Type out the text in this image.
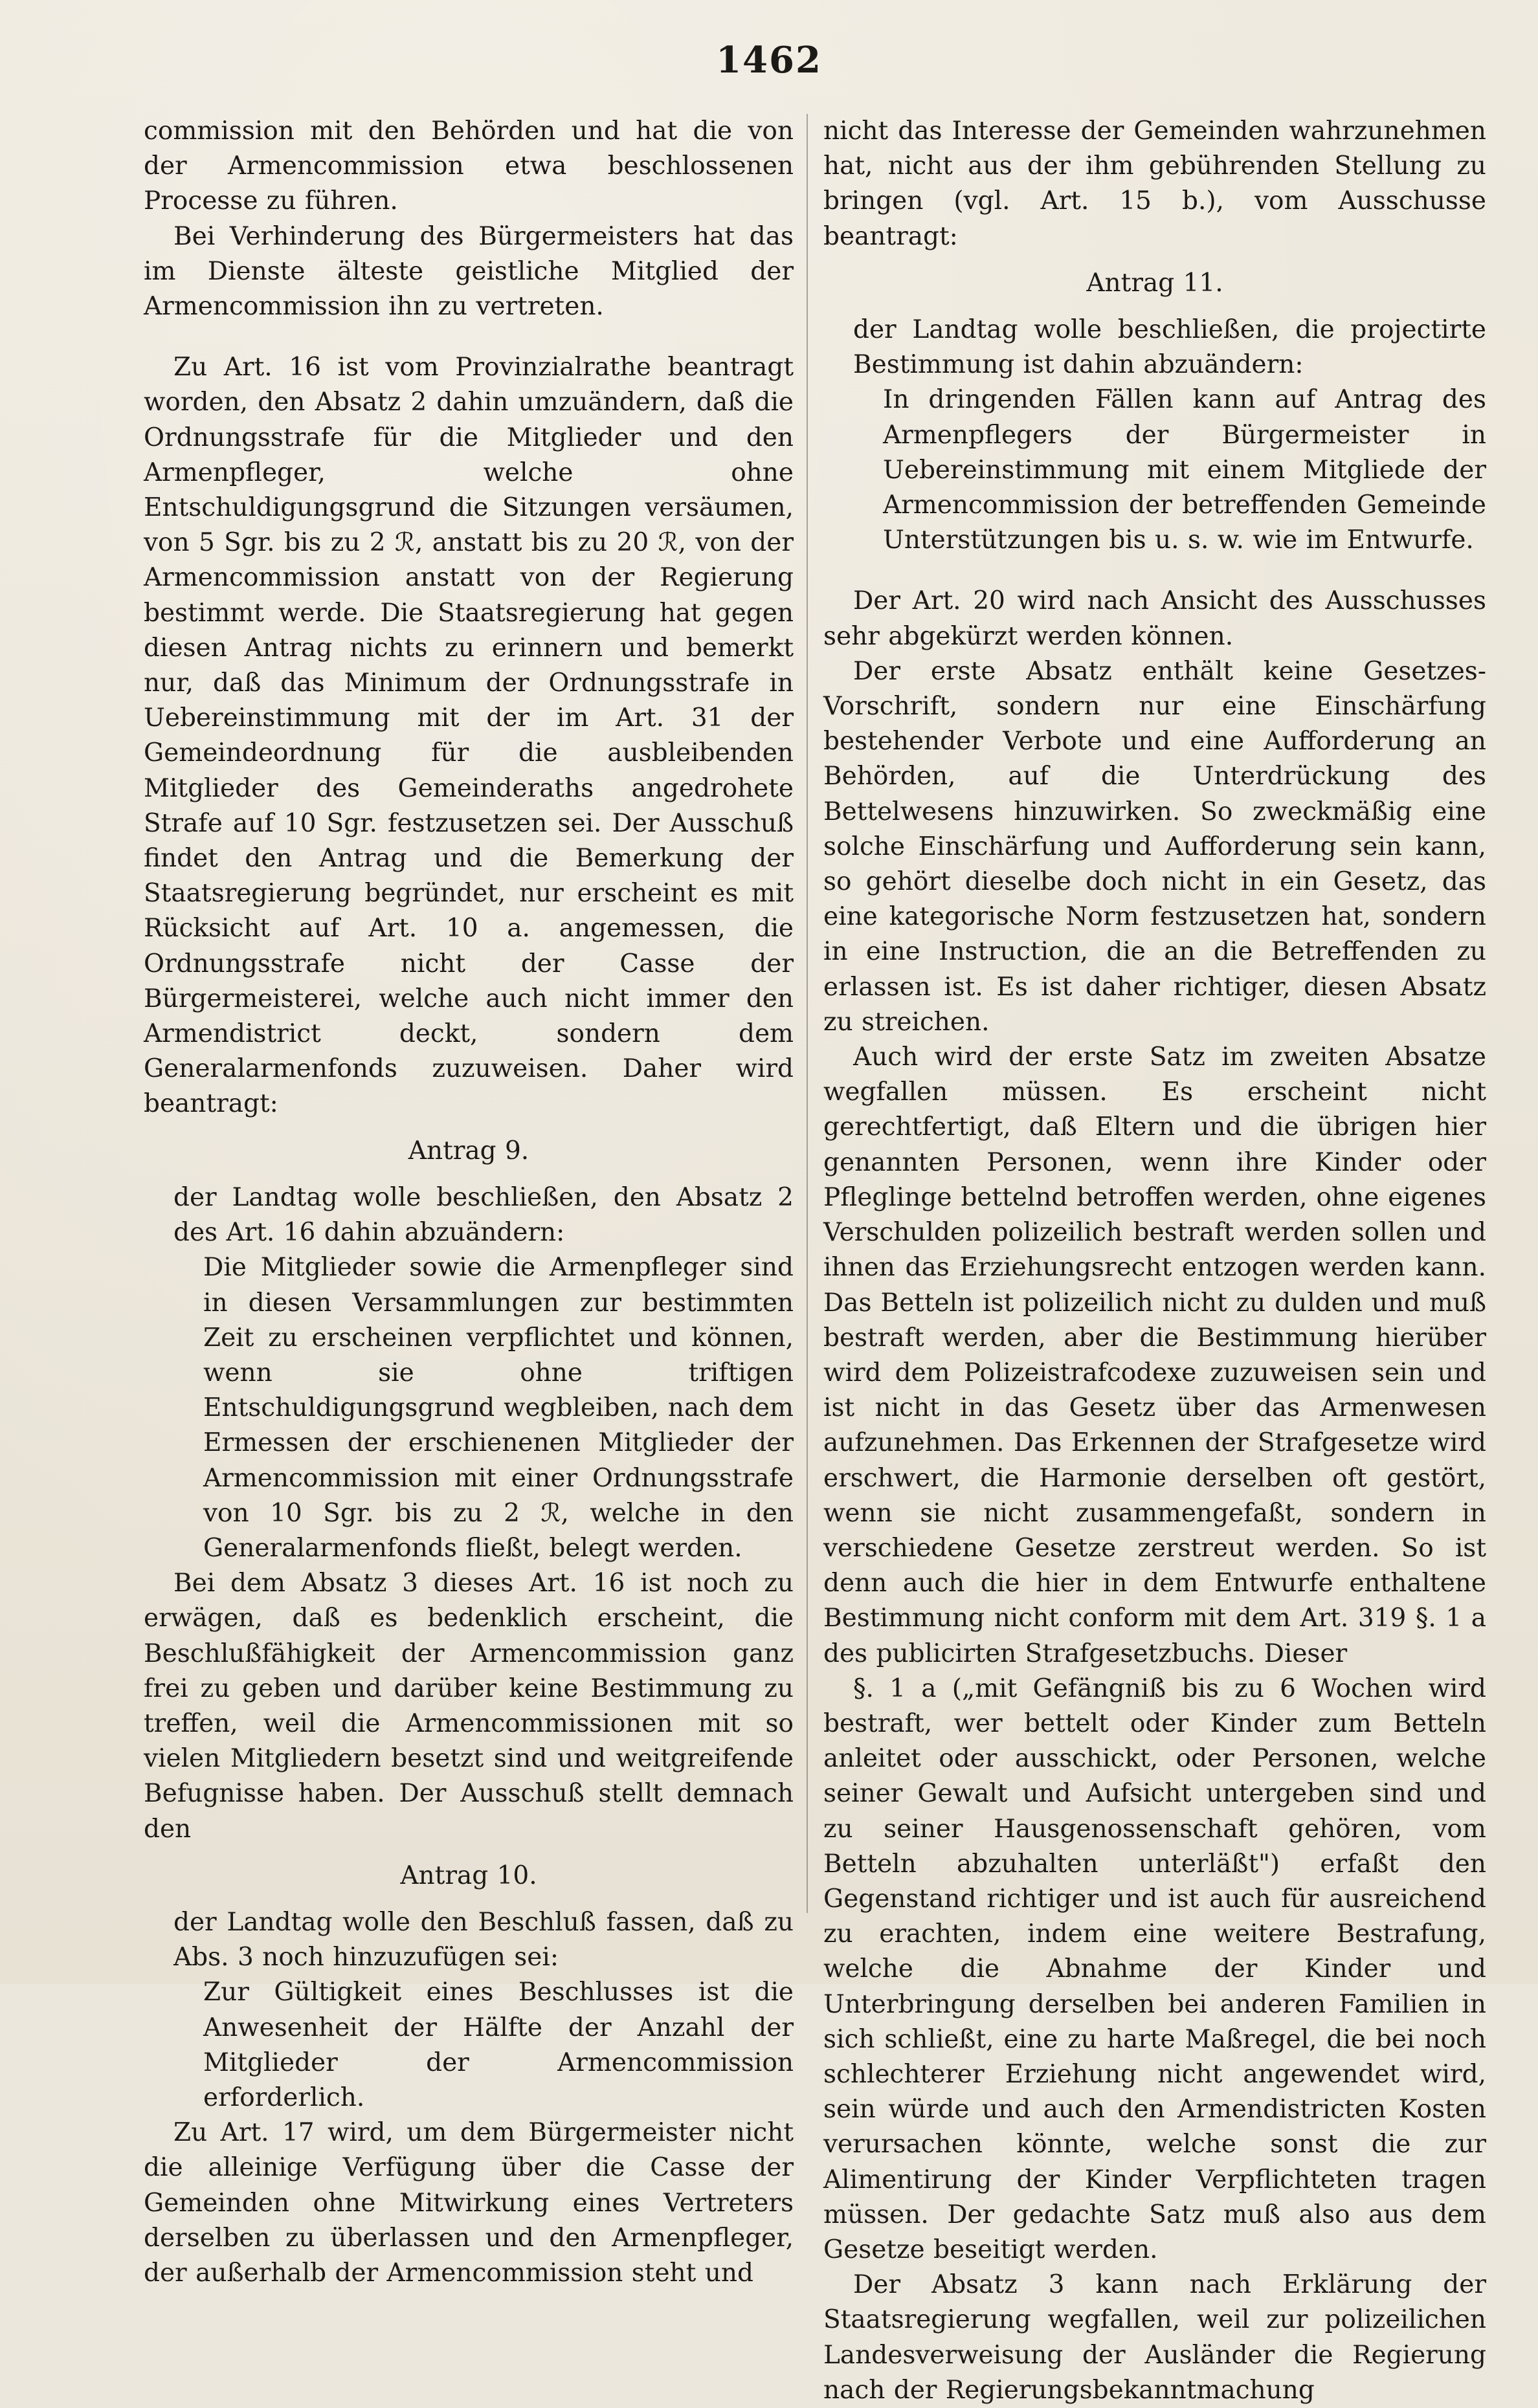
1462

commission mit den Behörden und hat die von der Armencommission etwa beschlossenen Processe zu führen.

Bei Verhinderung des Bürgermeisters hat das im Dienste älteste geistliche Mitglied der Armencommission ihn zu vertreten.

Zu Art. 16 ist vom Provinzialrathe beantragt worden, den Absatz 2 dahin umzuändern, daß die Ordnungsstrafe für die Mitglieder und den Armenpfleger, welche ohne Entschuldigungsgrund die Sitzungen versäumen, von 5 Sgr. bis zu 2 ℛ, anstatt bis zu 20 ℛ, von der Armencommission anstatt von der Regierung bestimmt werde. Die Staatsregierung hat gegen diesen Antrag nichts zu erinnern und bemerkt nur, daß das Minimum der Ordnungsstrafe in Uebereinstimmung mit der im Art. 31 der Gemeindeordnung für die ausbleibenden Mitglieder des Gemeinderaths angedrohete Strafe auf 10 Sgr. festzusetzen sei. Der Ausschuß findet den Antrag und die Bemerkung der Staatsregierung begründet, nur erscheint es mit Rücksicht auf Art. 10 a. angemessen, die Ordnungsstrafe nicht der Casse der Bürgermeisterei, welche auch nicht immer den Armendistrict deckt, sondern dem Generalarmenfonds zuzuweisen. Daher wird beantragt:

Antrag 9.

der Landtag wolle beschließen, den Absatz 2 des Art. 16 dahin abzuändern:

Die Mitglieder sowie die Armenpfleger sind in diesen Versammlungen zur bestimmten Zeit zu erscheinen verpflichtet und können, wenn sie ohne triftigen Entschuldigungsgrund wegbleiben, nach dem Ermessen der erschienenen Mitglieder der Armencommission mit einer Ordnungsstrafe von 10 Sgr. bis zu 2 ℛ, welche in den Generalarmenfonds fließt, belegt werden.

Bei dem Absatz 3 dieses Art. 16 ist noch zu erwägen, daß es bedenklich erscheint, die Beschlußfähigkeit der Armencommission ganz frei zu geben und darüber keine Bestimmung zu treffen, weil die Armencommissionen mit so vielen Mitgliedern besetzt sind und weitgreifende Befugnisse haben. Der Ausschuß stellt demnach den

Antrag 10.

der Landtag wolle den Beschluß fassen, daß zu Abs. 3 noch hinzuzufügen sei:

Zur Gültigkeit eines Beschlusses ist die Anwesenheit der Hälfte der Anzahl der Mitglieder der Armencommission erforderlich.

Zu Art. 17 wird, um dem Bürgermeister nicht die alleinige Verfügung über die Casse der Gemeinden ohne Mitwirkung eines Vertreters derselben zu überlassen und den Armenpfleger, der außerhalb der Armencommission steht und

nicht das Interesse der Gemeinden wahrzunehmen hat, nicht aus der ihm gebührenden Stellung zu bringen (vgl. Art. 15 b.), vom Ausschusse beantragt:

Antrag 11.

der Landtag wolle beschließen, die projectirte Bestimmung ist dahin abzuändern:

In dringenden Fällen kann auf Antrag des Armenpflegers der Bürgermeister in Uebereinstimmung mit einem Mitgliede der Armencommission der betreffenden Gemeinde Unterstützungen bis u. s. w. wie im Entwurfe.

Der Art. 20 wird nach Ansicht des Ausschusses sehr abgekürzt werden können.

Der erste Absatz enthält keine Gesetzes-Vorschrift, sondern nur eine Einschärfung bestehender Verbote und eine Aufforderung an Behörden, auf die Unterdrückung des Bettelwesens hinzuwirken. So zweckmäßig eine solche Einschärfung und Aufforderung sein kann, so gehört dieselbe doch nicht in ein Gesetz, das eine kategorische Norm festzusetzen hat, sondern in eine Instruction, die an die Betreffenden zu erlassen ist. Es ist daher richtiger, diesen Absatz zu streichen.

Auch wird der erste Satz im zweiten Absatze wegfallen müssen. Es erscheint nicht gerechtfertigt, daß Eltern und die übrigen hier genannten Personen, wenn ihre Kinder oder Pfleglinge bettelnd betroffen werden, ohne eigenes Verschulden polizeilich bestraft werden sollen und ihnen das Erziehungsrecht entzogen werden kann. Das Betteln ist polizeilich nicht zu dulden und muß bestraft werden, aber die Bestimmung hierüber wird dem Polizeistrafcodexe zuzuweisen sein und ist nicht in das Gesetz über das Armenwesen aufzunehmen. Das Erkennen der Strafgesetze wird erschwert, die Harmonie derselben oft gestört, wenn sie nicht zusammengefaßt, sondern in verschiedene Gesetze zerstreut werden. So ist denn auch die hier in dem Entwurfe enthaltene Bestimmung nicht conform mit dem Art. 319 §. 1 a des publicirten Strafgesetzbuchs. Dieser

§. 1 a („mit Gefängniß bis zu 6 Wochen wird bestraft, wer bettelt oder Kinder zum Betteln anleitet oder ausschickt, oder Personen, welche seiner Gewalt und Aufsicht untergeben sind und zu seiner Hausgenossenschaft gehören, vom Betteln abzuhalten unterläßt") erfaßt den Gegenstand richtiger und ist auch für ausreichend zu erachten, indem eine weitere Bestrafung, welche die Abnahme der Kinder und Unterbringung derselben bei anderen Familien in sich schließt, eine zu harte Maßregel, die bei noch schlechterer Erziehung nicht angewendet wird, sein würde und auch den Armendistricten Kosten verursachen könnte, welche sonst die zur Alimentirung der Kinder Verpflichteten tragen müssen. Der gedachte Satz muß also aus dem Gesetze beseitigt werden.

Der Absatz 3 kann nach Erklärung der Staatsregierung wegfallen, weil zur polizeilichen Landesverweisung der Ausländer die Regierung nach der Regierungsbekanntmachung
